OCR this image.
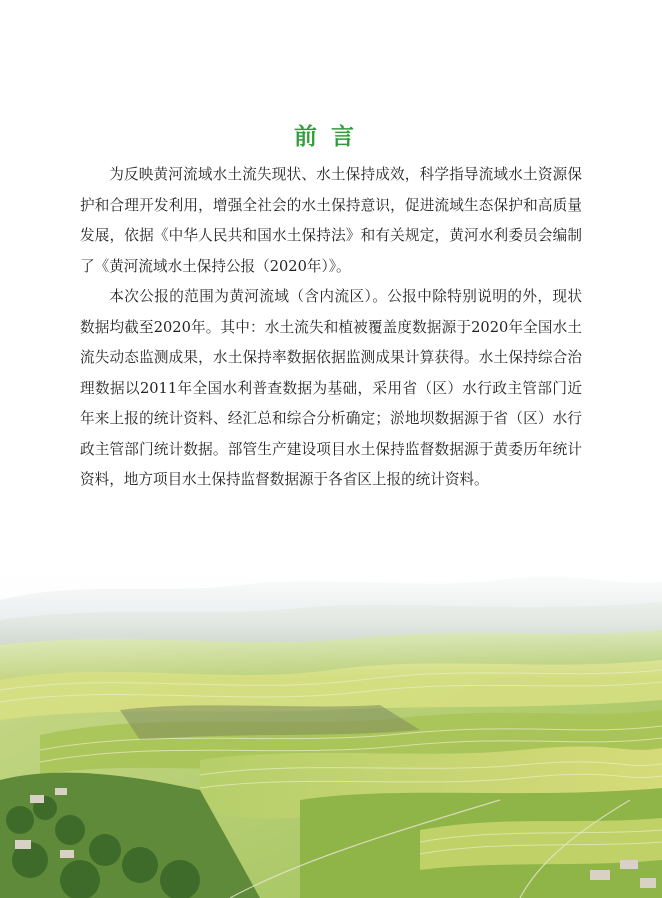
前言

为反映黄河流域水土流失现状、水土保持成效，科学指导流域水土资源保护和合理开发利用，增强全社会的水土保持意识，促进流域生态保护和高质量发展，依据《中华人民共和国水土保持法》和有关规定，黄河水利委员会编制了《黄河流域水土保持公报（2020年）》。

本次公报的范围为黄河流域（含内流区）。公报中除特别说明的外，现状数据均截至2020年。其中：水土流失和植被覆盖度数据源于2020年全国水土流失动态监测成果，水土保持率数据依据监测成果计算获得。水土保持综合治理数据以2011年全国水利普查数据为基础，采用省（区）水行政主管部门近年来上报的统计资料、经汇总和综合分析确定；淤地坝数据源于省（区）水行政主管部门统计数据。部管生产建设项目水土保持监督数据源于黄委历年统计资料，地方项目水土保持监督数据源于各省区上报的统计资料。
